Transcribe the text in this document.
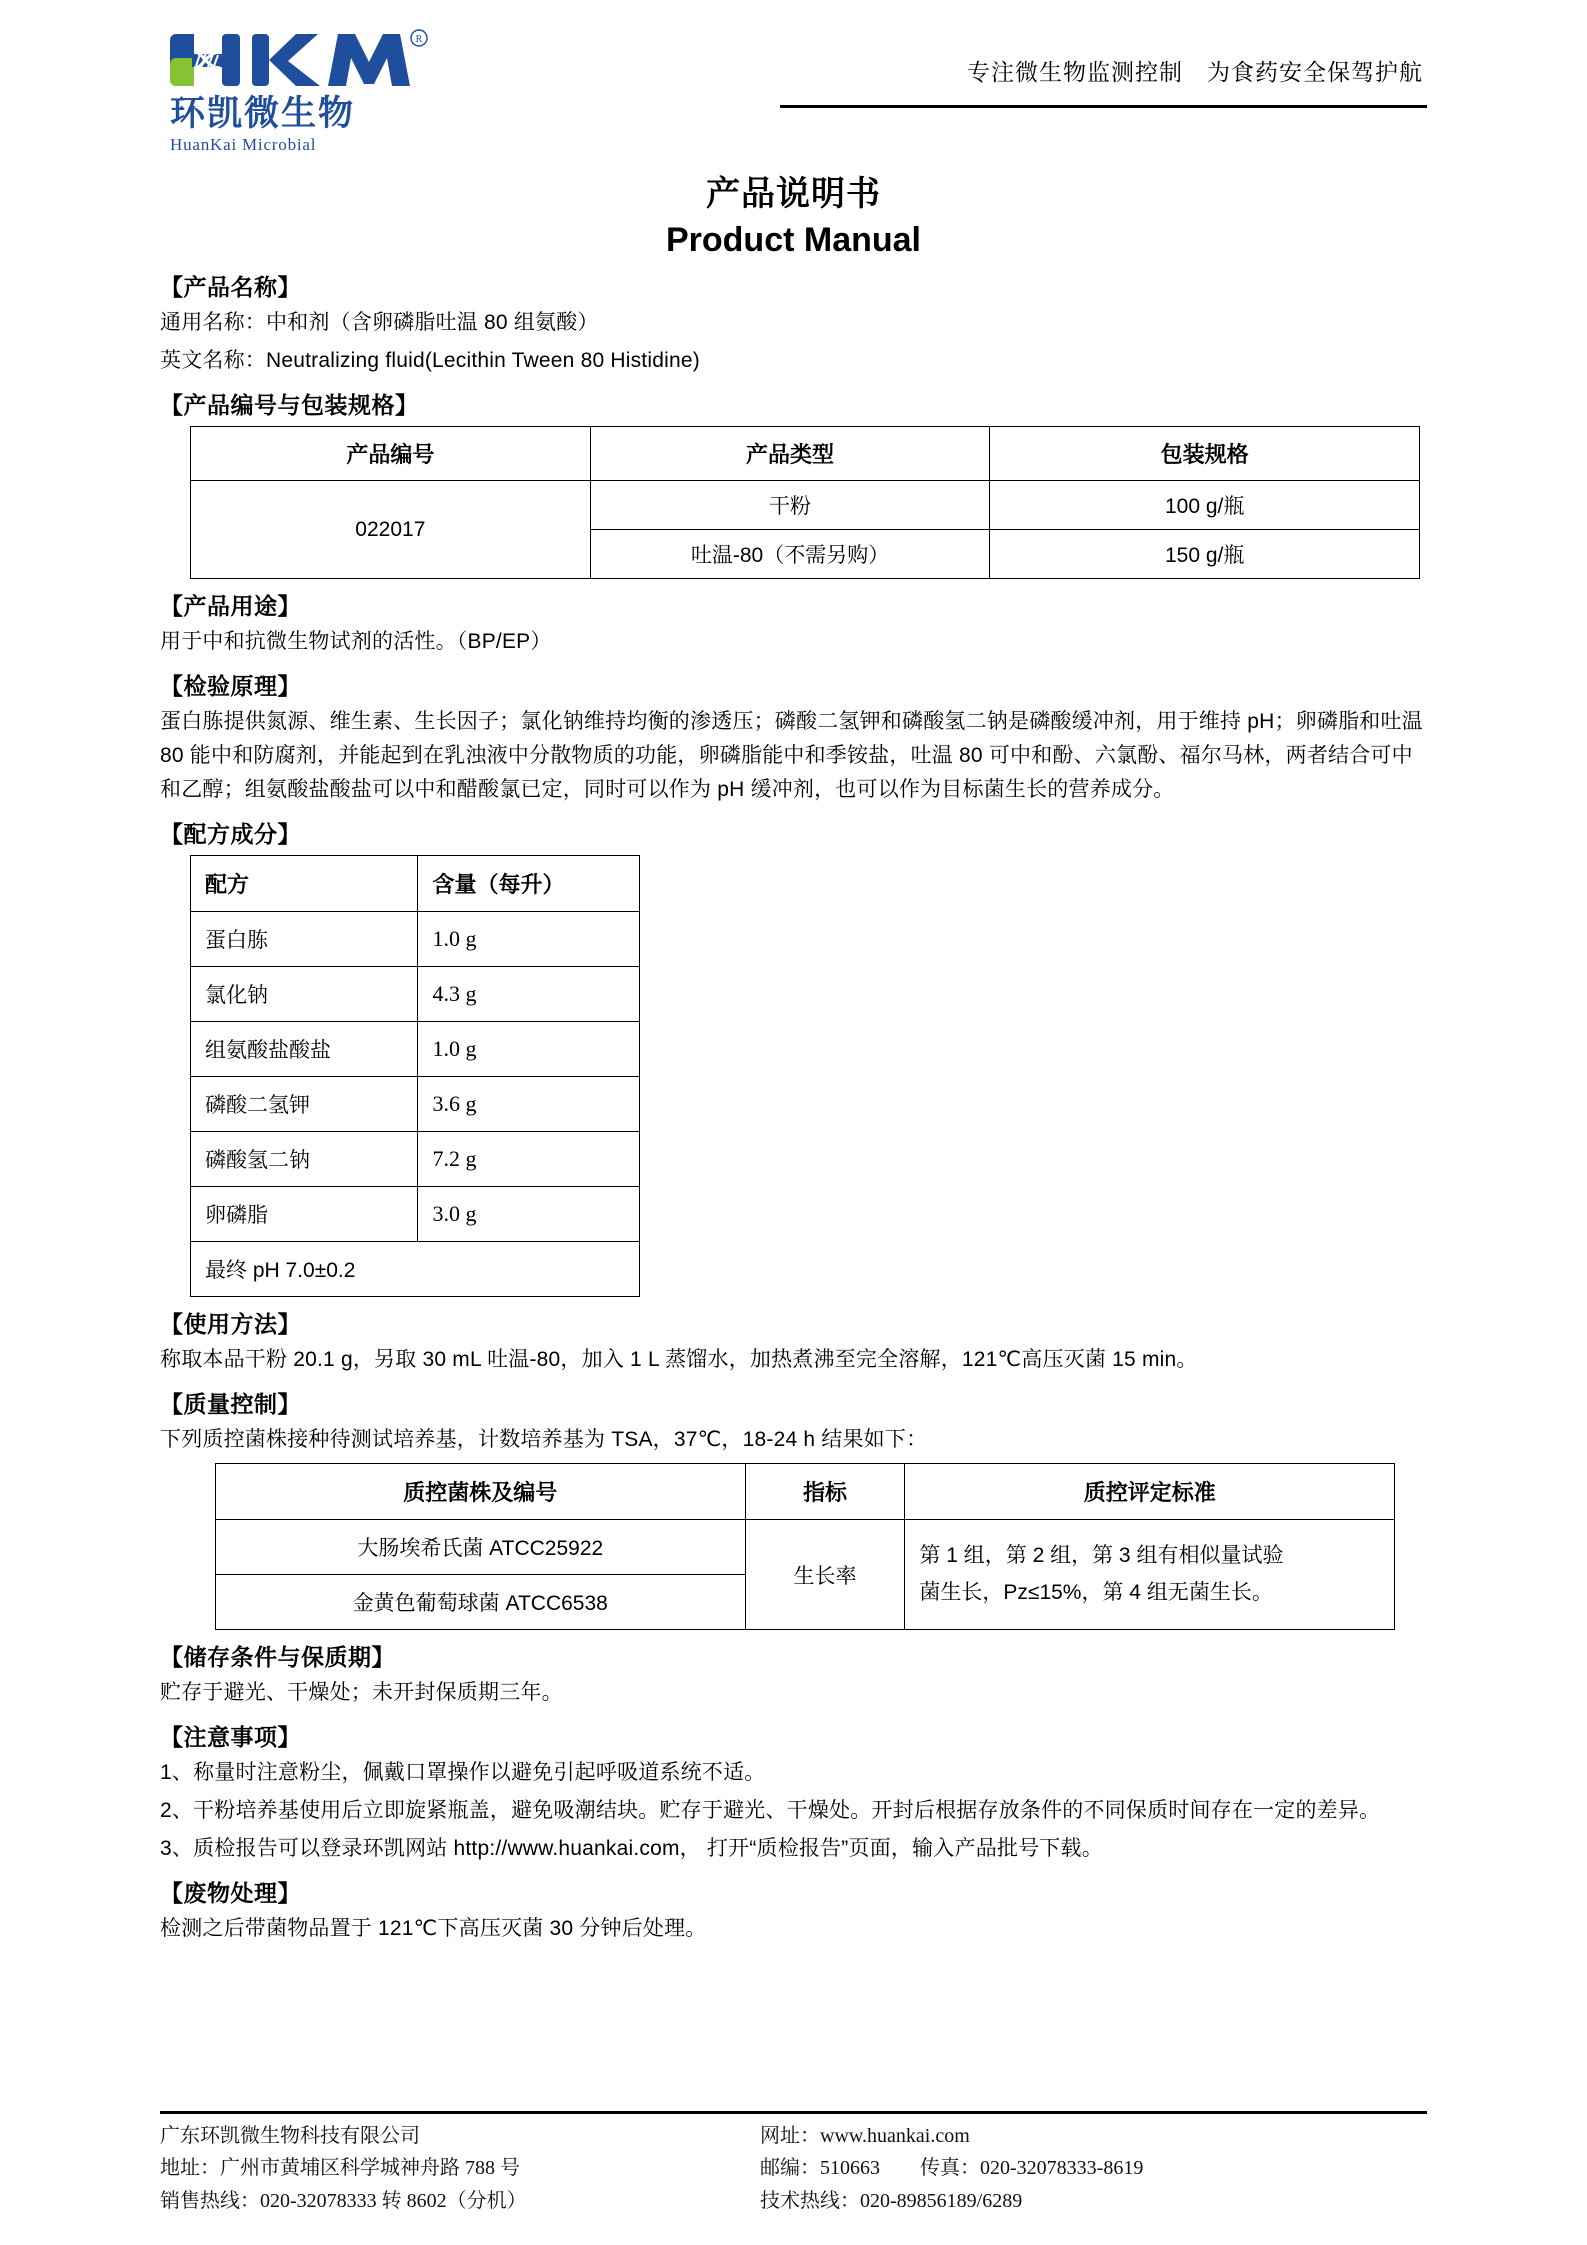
R
环凯微生物
HuanKai Microbial
专注微生物监测控制　为食药安全保驾护航
产品说明书
Product Manual
【产品名称】
通用名称：中和剂（含卵磷脂吐温 80 组氨酸）
英文名称：Neutralizing fluid(Lecithin Tween 80 Histidine)
【产品编号与包装规格】
产品编号	产品类型	包装规格
022017	干粉	100 g/瓶
	吐温-80（不需另购）	150 g/瓶
【产品用途】
用于中和抗微生物试剂的活性。（BP/EP）
【检验原理】
蛋白胨提供氮源、维生素、生长因子；氯化钠维持均衡的渗透压；磷酸二氢钾和磷酸氢二钠是磷酸缓冲剂，用于维持 pH；卵磷脂和吐温 80 能中和防腐剂，并能起到在乳浊液中分散物质的功能，卵磷脂能中和季铵盐，吐温 80 可中和酚、六氯酚、福尔马林，两者结合可中和乙醇；组氨酸盐酸盐可以中和醋酸氯已定，同时可以作为 pH 缓冲剂，也可以作为目标菌生长的营养成分。
【配方成分】
配方	含量（每升）
蛋白胨	1.0 g
氯化钠	4.3 g
组氨酸盐酸盐	1.0 g
磷酸二氢钾	3.6 g
磷酸氢二钠	7.2 g
卵磷脂	3.0 g
最终 pH 7.0±0.2	
【使用方法】
称取本品干粉 20.1 g，另取 30 mL 吐温-80，加入 1 L 蒸馏水，加热煮沸至完全溶解，121℃高压灭菌 15 min。
【质量控制】
下列质控菌株接种待测试培养基，计数培养基为 TSA，37℃，18-24 h 结果如下：
质控菌株及编号	指标	质控评定标准
大肠埃希氏菌 ATCC25922	生长率	第 1 组，第 2 组，第 3 组有相似量试验
菌生长，Pz≤15%，第 4 组无菌生长。

金黄色葡萄球菌 ATCC6538		
【储存条件与保质期】
贮存于避光、干燥处；未开封保质期三年。
【注意事项】
1、称量时注意粉尘，佩戴口罩操作以避免引起呼吸道系统不适。
2、干粉培养基使用后立即旋紧瓶盖，避免吸潮结块。贮存于避光、干燥处。开封后根据存放条件的不同保质时间存在一定的差异。
3、质检报告可以登录环凯网站 http://www.huankai.com， 打开“质检报告”页面，输入产品批号下载。
【废物处理】
检测之后带菌物品置于 121℃下高压灭菌 30 分钟后处理。
广东环凯微生物科技有限公司
地址：广州市黄埔区科学城神舟路 788 号
销售热线：020-32078333 转 8602（分机）
网址：www.huankai.com
邮编：510663　　传真：020-32078333-8619
技术热线：020-89856189/6289
